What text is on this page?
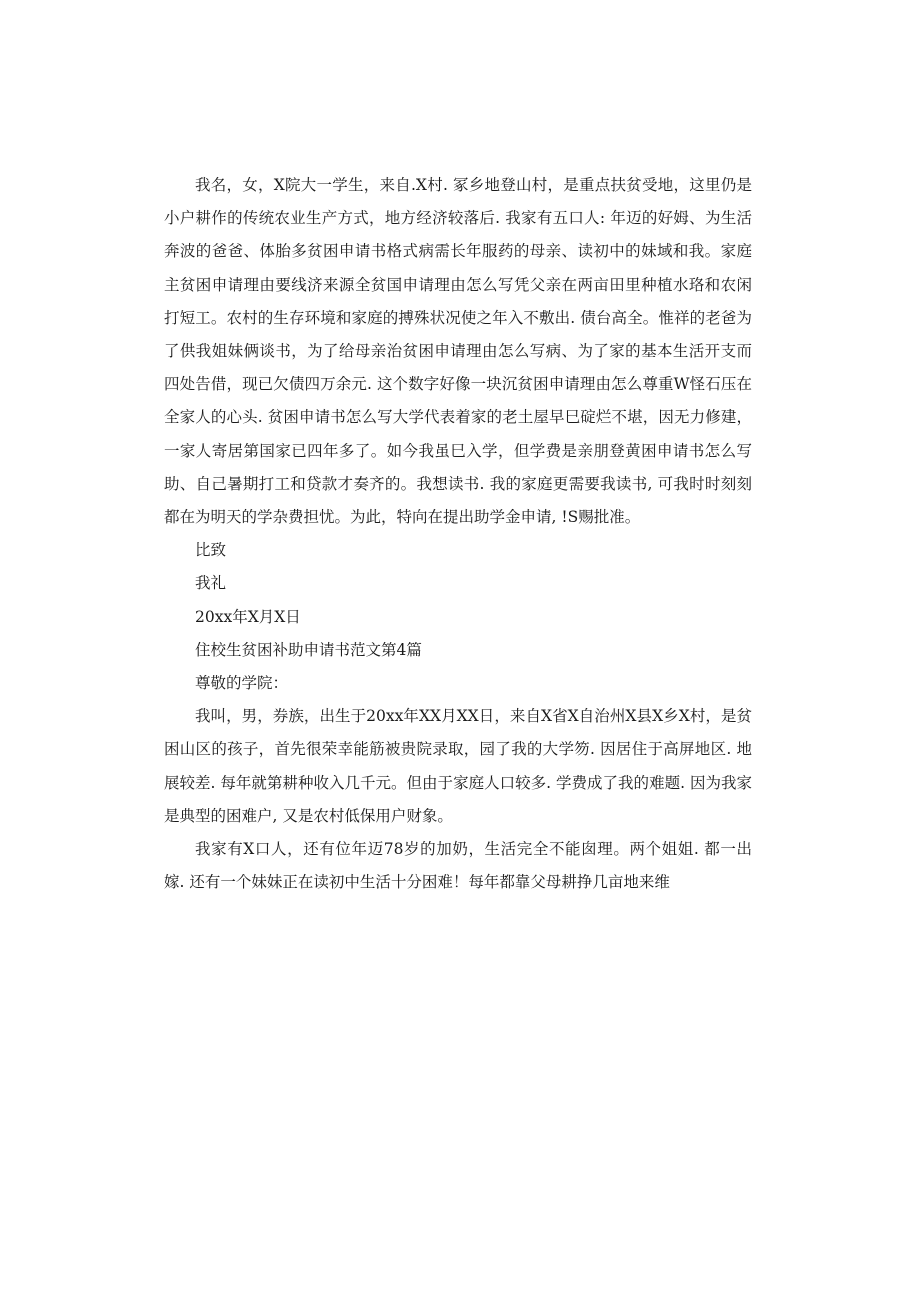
我名，女，X院大一学生，来自.X村. 冢乡地登山村，是重点扶贫受地，这里仍是小户耕作的传统农业生产方式，地方经济较落后. 我家有五口人: 年迈的好姆、为生活奔波的爸爸、体胎多贫困申请书格式病需长年服药的母亲、读初中的妹域和我。家庭主贫困申请理由要线济来源全贫国申请理由怎么写凭父亲在两亩田里种植水珞和农闲打短工。农村的生存环境和家庭的搏殊状况使之年入不敷出. 债台高全。惟祥的老爸为了供我姐妹俩谈书，为了给母亲治贫困申请理由怎么写病、为了家的基本生活开支而四处告借，现已欠债四万余元. 这个数字好像一块沉贫困申请理由怎么尊重W怪石压在全家人的心头. 贫困申请书怎么写大学代表着家的老土屋早巳碇烂不堪，因无力修建，一家人寄居第国家已四年多了。如今我虽巳入学，但学费是亲朋登黄困申请书怎么写助、自己暑期打工和贷款才奏齐的。我想读书. 我的家庭更需要我读书, 可我时时刻刻都在为明天的学杂费担忧。为此，特向在提出助学金申请, !S赐批准。

比致

我礼

20xx年X月X日

住校生贫困补助申请书范文第4篇

尊敬的学院：

我叫，男，券族，出生于20xx年XX月XX日，来自X省X自治州X县X乡X村，是贫困山区的孩子，首先很荣幸能筋被贵院录取，园了我的大学笏. 因居住于高屏地区. 地展较差. 每年就第耕种收入几千元。但由于家庭人口较多. 学费成了我的难题. 因为我家是典型的困难户, 又是农村低保用户财象。

我家有X口人，还有位年迈78岁的加奶，生活完全不能囱理。两个姐姐. 都一出嫁. 还有一个妹妹正在读初中生活十分困难！每年都靠父母耕挣几亩地来维
